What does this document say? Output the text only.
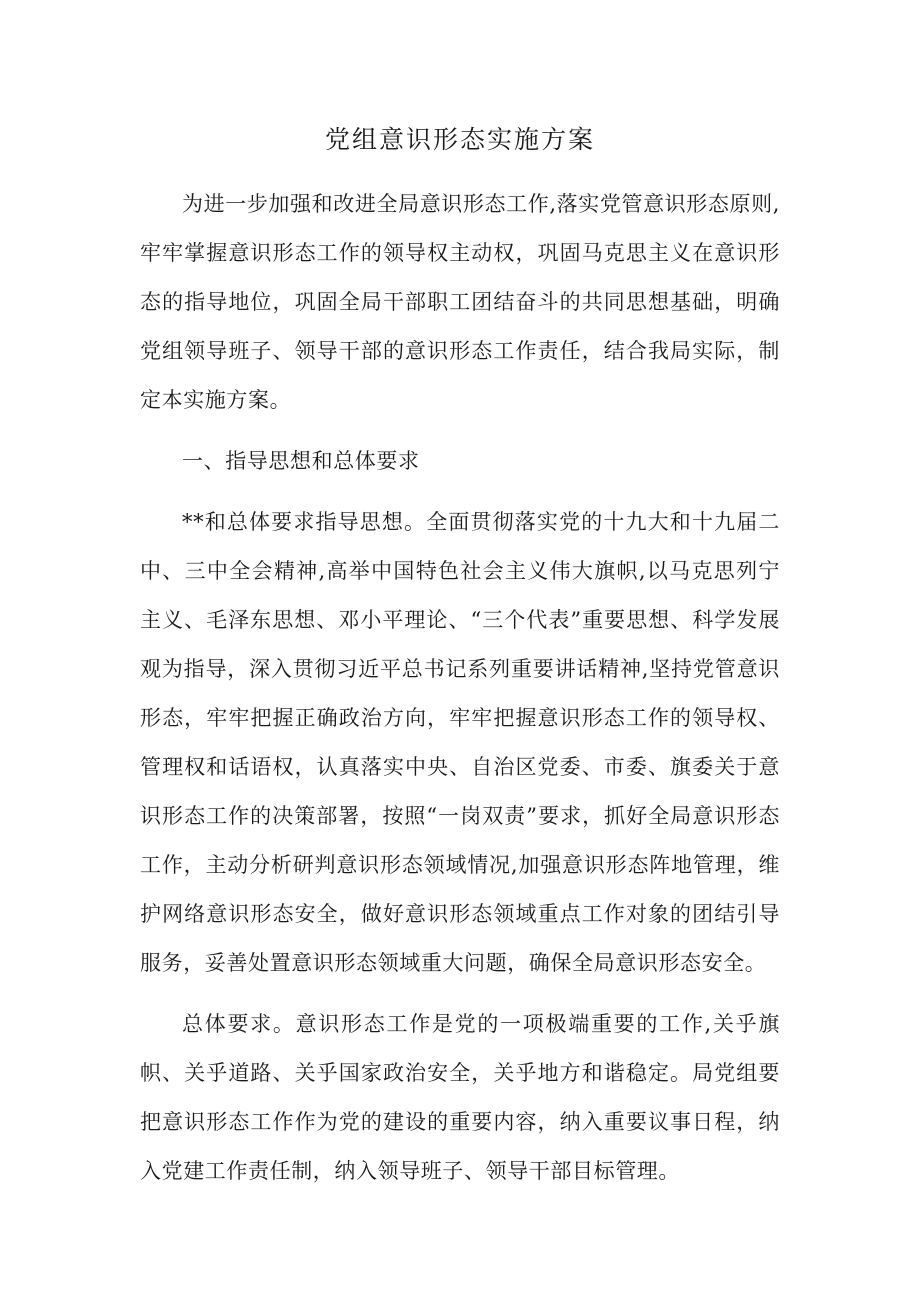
党组意识形态实施方案

为进一步加强和改进全局意识形态工作,落实党管意识形态原则,牢牢掌握意识形态工作的领导权主动权，巩固马克思主义在意识形态的指导地位，巩固全局干部职工团结奋斗的共同思想基础，明确党组领导班子、领导干部的意识形态工作责任，结合我局实际，制定本实施方案。

一、指导思想和总体要求

**和总体要求指导思想。全面贯彻落实党的十九大和十九届二中、三中全会精神,高举中国特色社会主义伟大旗帜,以马克思列宁主义、毛泽东思想、邓小平理论、“三个代表”重要思想、科学发展观为指导，深入贯彻习近平总书记系列重要讲话精神,坚持党管意识形态，牢牢把握正确政治方向，牢牢把握意识形态工作的领导权、管理权和话语权，认真落实中央、自治区党委、市委、旗委关于意识形态工作的决策部署，按照“一岗双责”要求，抓好全局意识形态工作，主动分析研判意识形态领域情况,加强意识形态阵地管理，维护网络意识形态安全，做好意识形态领域重点工作对象的团结引导服务，妥善处置意识形态领域重大问题，确保全局意识形态安全。

总体要求。意识形态工作是党的一项极端重要的工作,关乎旗帜、关乎道路、关乎国家政治安全，关乎地方和谐稳定。局党组要把意识形态工作作为党的建设的重要内容，纳入重要议事日程，纳入党建工作责任制，纳入领导班子、领导干部目标管理。
